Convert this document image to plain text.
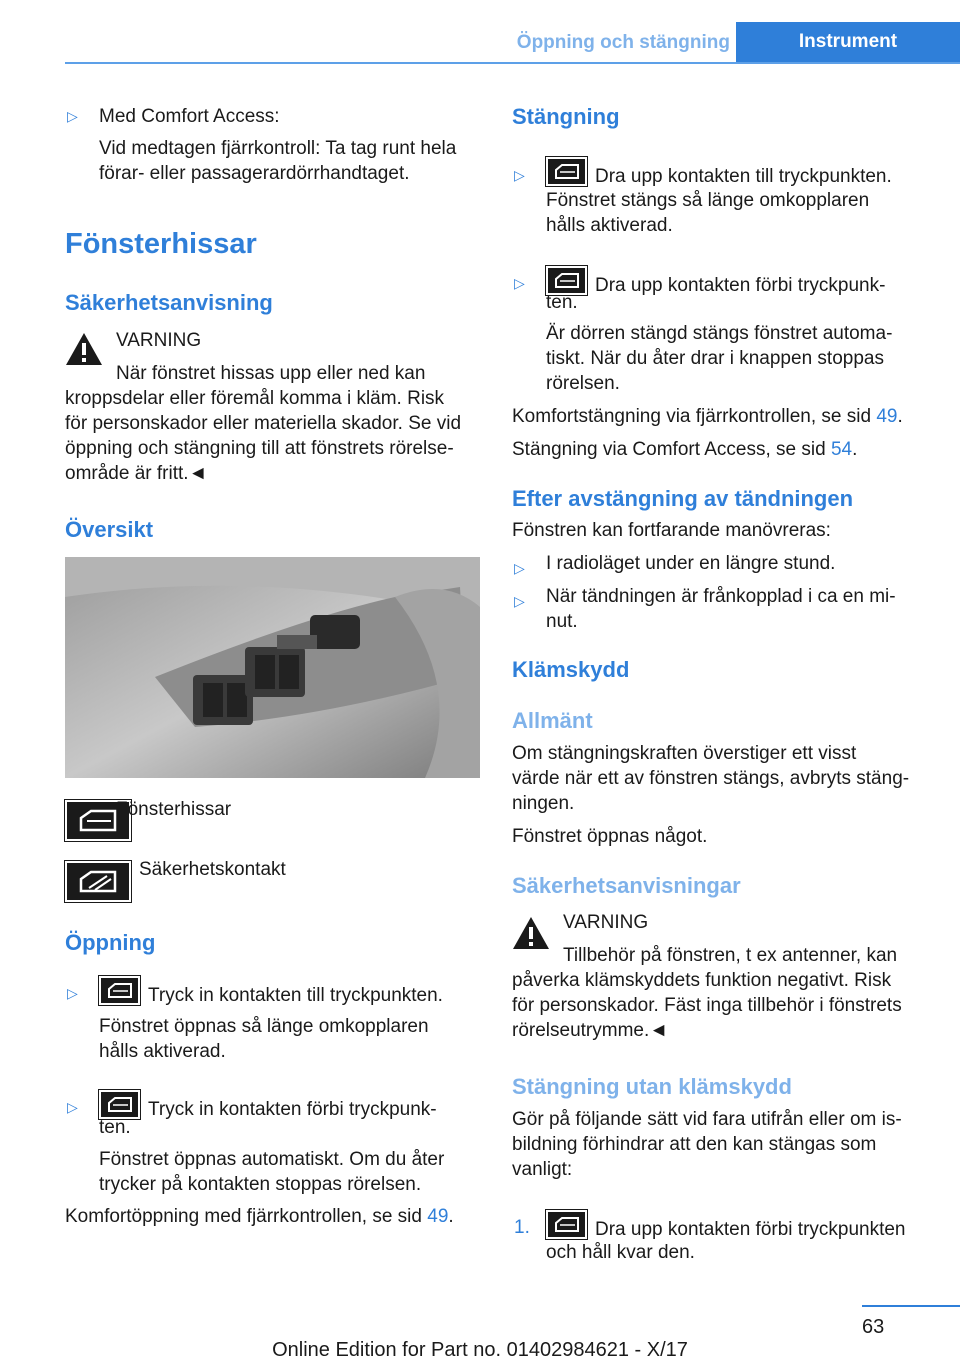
Öppning och stängning	Instrument
▷ Med Comfort Access:
Vid medtagen fjärrkontroll: Ta tag runt hela
förar- eller passagerardörrhandtaget.
Fönsterhissar
Säkerhetsanvisning
VARNING
När fönstret hissas upp eller ned kan
kroppsdelar eller föremål komma i kläm. Risk
för personskador eller materiella skador. Se vid
öppning och stängning till att fönstrets rörelse-
område är fritt.◄
Översikt
Fönsterhissar
Säkerhetskontakt
Öppning
▷	Tryck in kontakten till tryckpunkten.
Fönstret öppnas så länge omkopplaren
hålls aktiverad.
▷	Tryck in kontakten förbi tryckpunk-
ten.
Fönstret öppnas automatiskt. Om du åter
trycker på kontakten stoppas rörelsen.
Komfortöppning med fjärrkontrollen, se sid 49.
Stängning
▷	Dra upp kontakten till tryckpunkten.
Fönstret stängs så länge omkopplaren
hålls aktiverad.
▷	Dra upp kontakten förbi tryckpunk-
ten.
Är dörren stängd stängs fönstret automa-
tiskt. När du åter drar i knappen stoppas
rörelsen.
Komfortstängning via fjärrkontrollen, se sid 49.
Stängning via Comfort Access, se sid 54.
Efter avstängning av tändningen
Fönstren kan fortfarande manövreras:
▷ I radioläget under en längre stund.
▷ När tändningen är frånkopplad i ca en mi-
nut.
Klämskydd
Allmänt
Om stängningskraften överstiger ett visst
värde när ett av fönstren stängs, avbryts stäng-
ningen.
Fönstret öppnas något.
Säkerhetsanvisningar
VARNING
Tillbehör på fönstren, t ex antenner, kan
påverka klämskyddets funktion negativt. Risk
för personskador. Fäst inga tillbehör i fönstrets
rörelseutrymme.◄
Stängning utan klämskydd
Gör på följande sätt vid fara utifrån eller om is-
bildning förhindrar att den kan stängas som
vanligt:
1.	Dra upp kontakten förbi tryckpunkten
och håll kvar den.
63
Online Edition for Part no. 01402984621 - X/17
